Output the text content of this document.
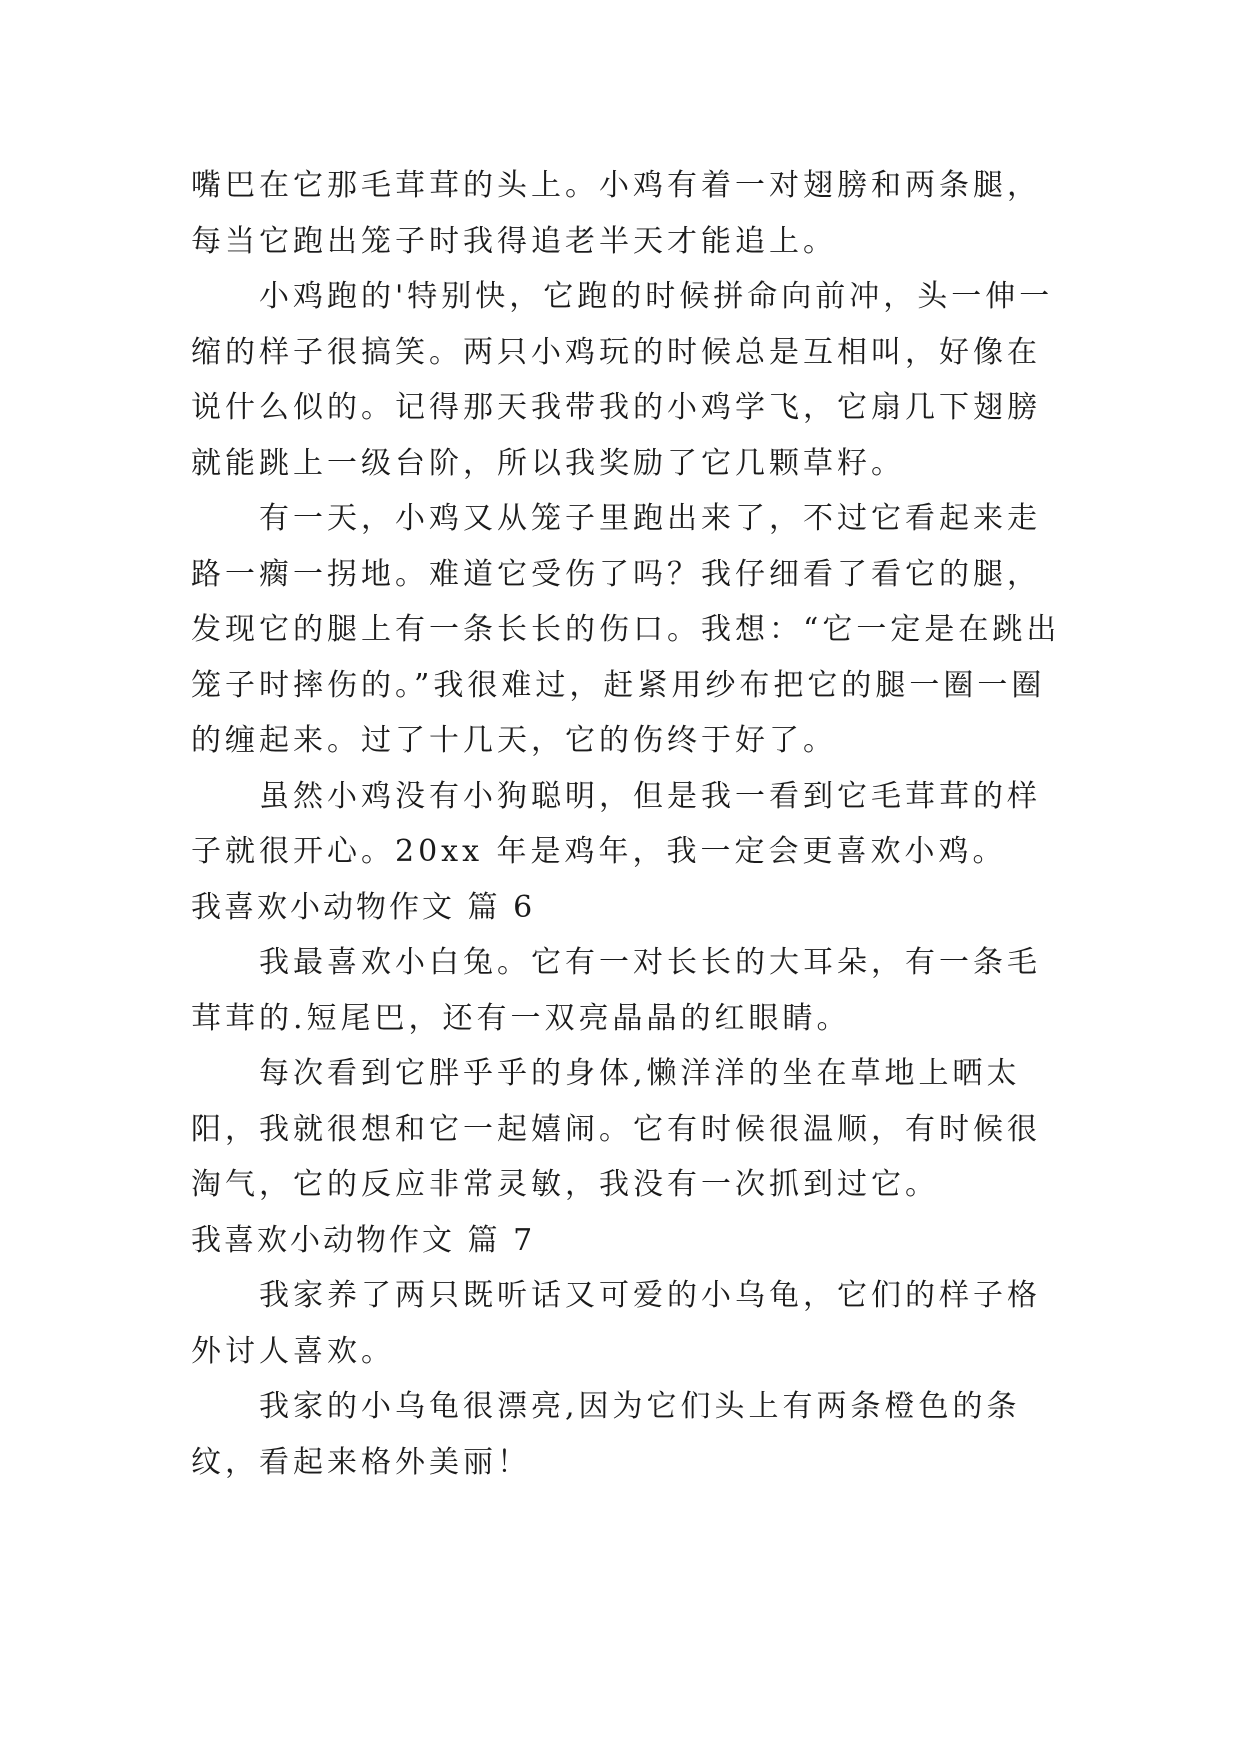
嘴巴在它那毛茸茸的头上。小鸡有着一对翅膀和两条腿，每当它跑出笼子时我得追老半天才能追上。

小鸡跑的'特别快，它跑的时候拼命向前冲，头一伸一缩的样子很搞笑。两只小鸡玩的时候总是互相叫，好像在说什么似的。记得那天我带我的小鸡学飞，它扇几下翅膀就能跳上一级台阶，所以我奖励了它几颗草籽。

有一天，小鸡又从笼子里跑出来了，不过它看起来走路一瘸一拐地。难道它受伤了吗？我仔细看了看它的腿，发现它的腿上有一条长长的伤口。我想：“它一定是在跳出笼子时摔伤的。”我很难过，赶紧用纱布把它的腿一圈一圈的缠起来。过了十几天，它的伤终于好了。

虽然小鸡没有小狗聪明，但是我一看到它毛茸茸的样子就很开心。20xx 年是鸡年，我一定会更喜欢小鸡。

我喜欢小动物作文 篇 6

我最喜欢小白兔。它有一对长长的大耳朵，有一条毛茸茸的.短尾巴，还有一双亮晶晶的红眼睛。

每次看到它胖乎乎的身体,懒洋洋的坐在草地上晒太阳，我就很想和它一起嬉闹。它有时候很温顺，有时候很淘气，它的反应非常灵敏，我没有一次抓到过它。

我喜欢小动物作文 篇 7

我家养了两只既听话又可爱的小乌龟，它们的样子格外讨人喜欢。

我家的小乌龟很漂亮,因为它们头上有两条橙色的条纹，看起来格外美丽！
